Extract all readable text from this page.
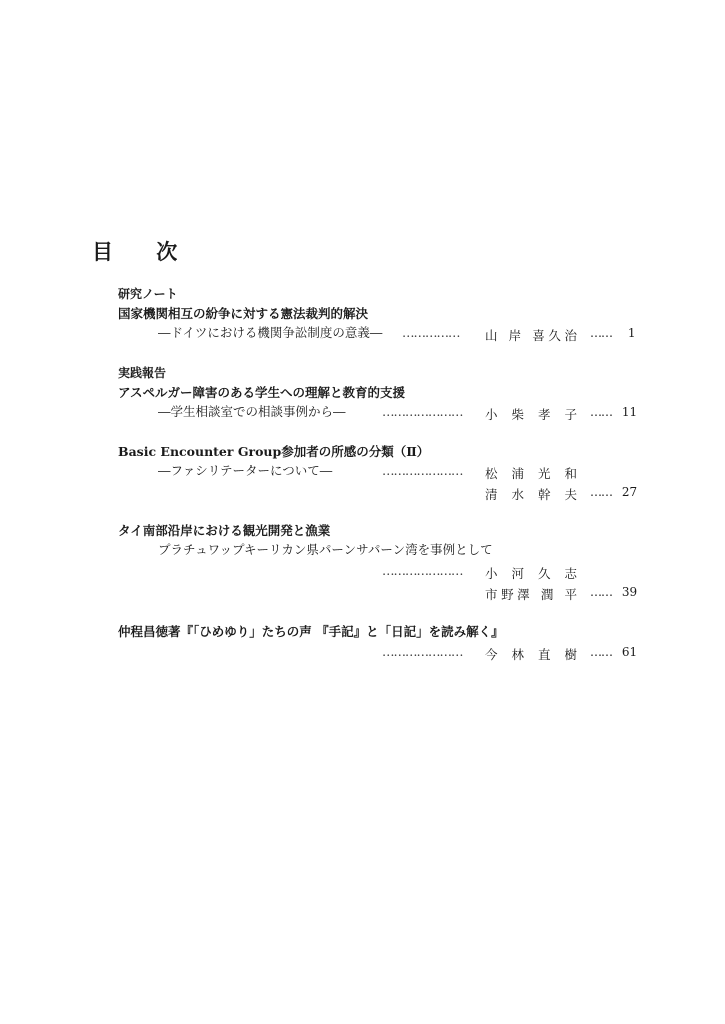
目 次
研究ノート
国家機関相互の紛争に対する憲法裁判的解決
―ドイツにおける機関争訟制度の意義― …………… 山 岸 喜久治 …… 1
実践報告
アスペルガー障害のある学生への理解と教育的支援
―学生相談室での相談事例から―	………………… 小 柴 孝 子 …… 11
Basic Encounter Group参加者の所感の分類（Ⅱ）
―ファシリテーターについて―	………………… 松 浦 光 和
清 水 幹 夫 …… 27
タイ南部沿岸における観光開発と漁業
プラチュワップキーリカン県パーンサパーン湾を事例として
………………… 小 河 久 志
市野澤 潤 平 …… 39
仲程昌徳著『「ひめゆり」たちの声 『手記』と「日記」を読み解く』
………………… 今 林 直 樹 …… 61
